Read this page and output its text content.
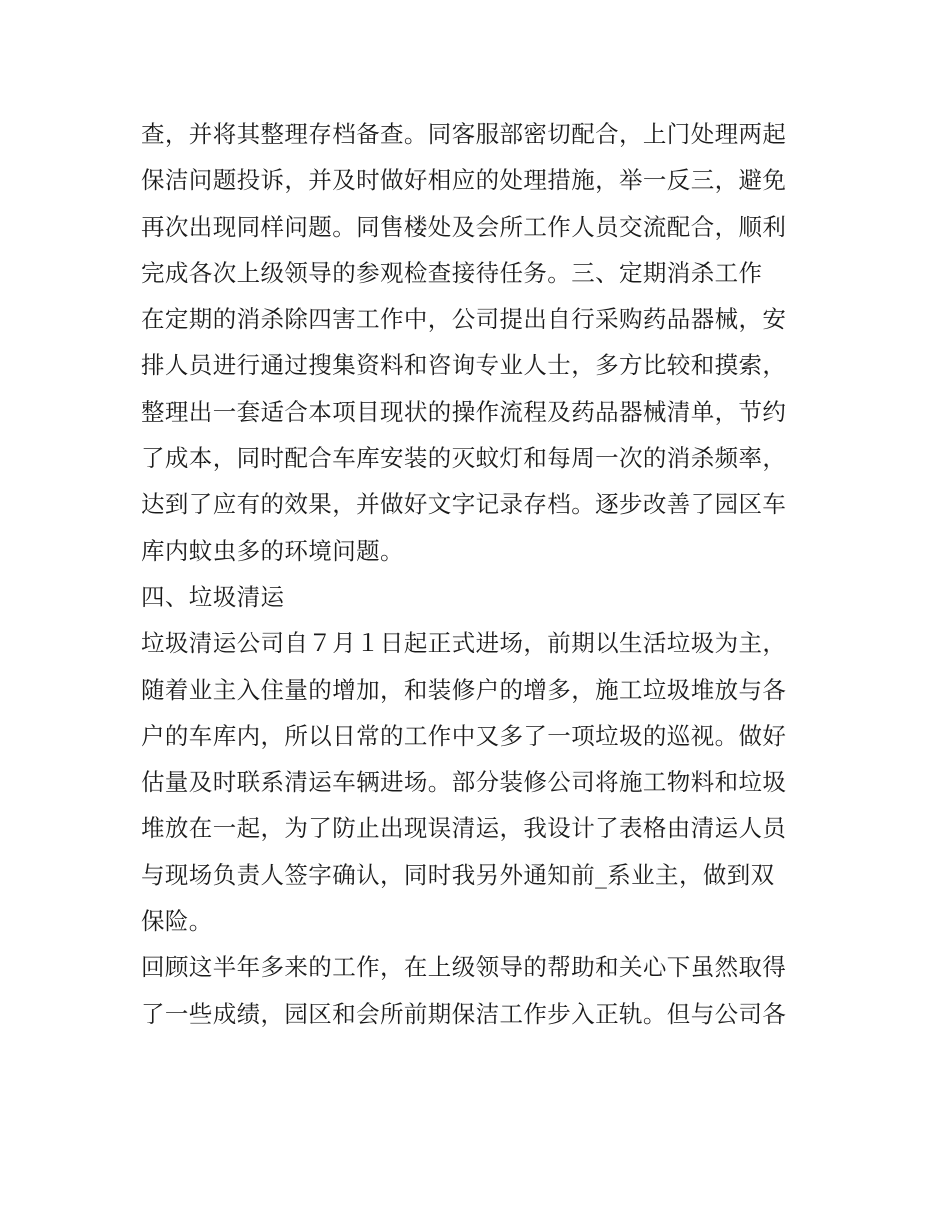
查，并将其整理存档备查。同客服部密切配合，上门处理两起
保洁问题投诉，并及时做好相应的处理措施，举一反三，避免
再次出现同样问题。同售楼处及会所工作人员交流配合，顺利
完成各次上级领导的参观检查接待任务。三、定期消杀工作
在定期的消杀除四害工作中，公司提出自行采购药品器械，安
排人员进行通过搜集资料和咨询专业人士，多方比较和摸索，
整理出一套适合本项目现状的操作流程及药品器械清单，节约
了成本，同时配合车库安装的灭蚊灯和每周一次的消杀频率，
达到了应有的效果，并做好文字记录存档。逐步改善了园区车
库内蚊虫多的环境问题。
四、垃圾清运
垃圾清运公司自７月１日起正式进场，前期以生活垃圾为主，
随着业主入住量的增加，和装修户的增多，施工垃圾堆放与各
户的车库内，所以日常的工作中又多了一项垃圾的巡视。做好
估量及时联系清运车辆进场。部分装修公司将施工物料和垃圾
堆放在一起，为了防止出现误清运，我设计了表格由清运人员
与现场负责人签字确认，同时我另外通知前_系业主，做到双
保险。
回顾这半年多来的工作，在上级领导的帮助和关心下虽然取得
了一些成绩，园区和会所前期保洁工作步入正轨。但与公司各
